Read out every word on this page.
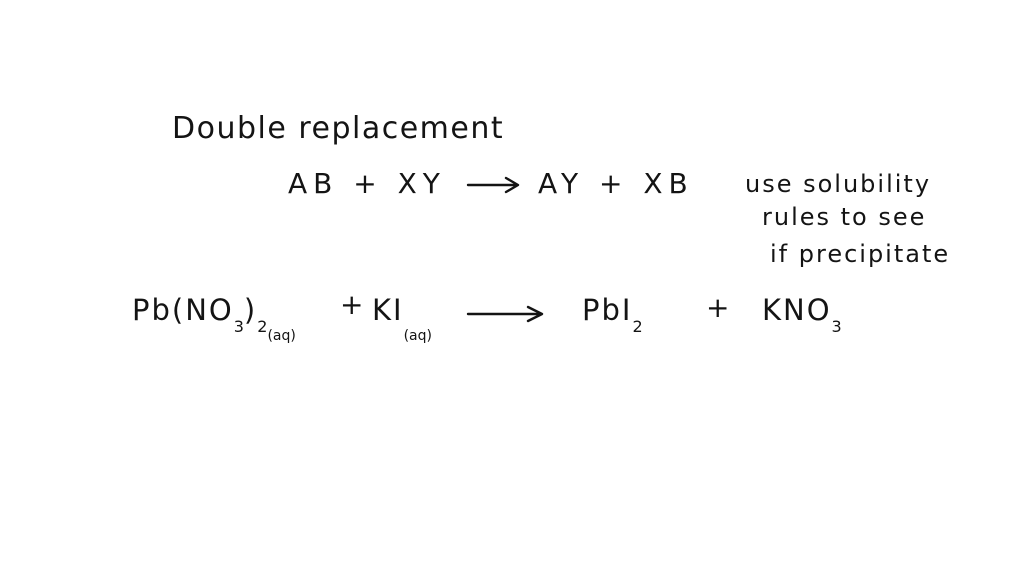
Double replacement
AB + XY	AY + XB use solubility
rules to see
if precipitate
$Pb(NO_3)_{2(aq)}$
+ $KI_{(aq)}$
PbI$_2$
+ $KNO_3$
